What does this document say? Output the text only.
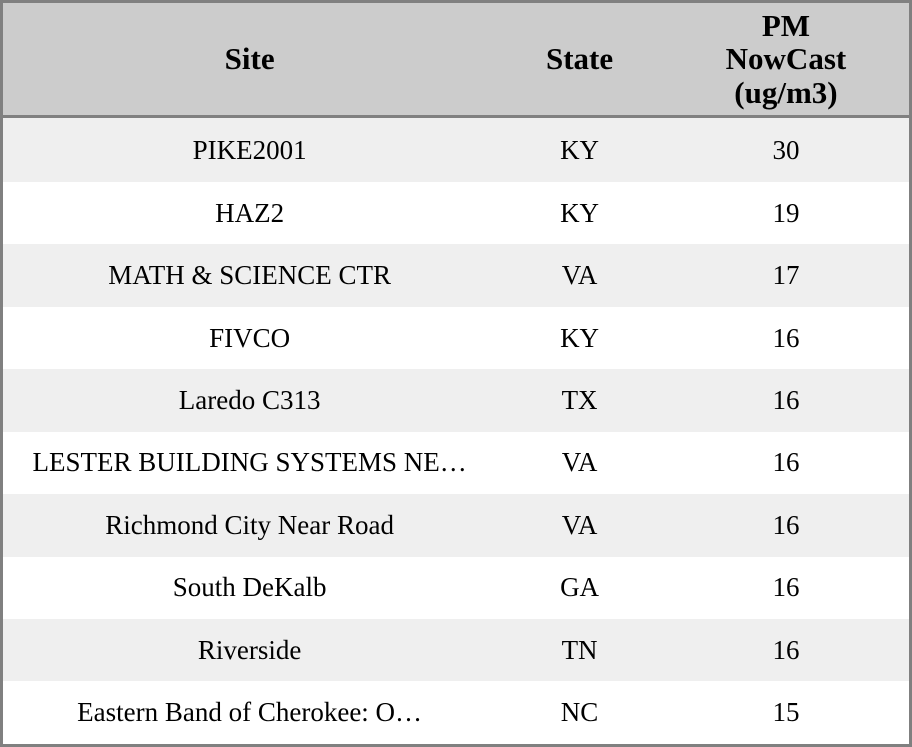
Site	State	PM
NowCast
(ug/m3)

PIKE2001	KY	30
HAZ2	KY	19
MATH & SCIENCE CTR	VA	17
FIVCO	KY	16
Laredo C313	TX	16
LESTER BUILDING SYSTEMS NE…	VA	16
Richmond City Near Road	VA	16
South DeKalb	GA	16
Riverside	TN	16
Eastern Band of Cherokee: O…	NC	15
